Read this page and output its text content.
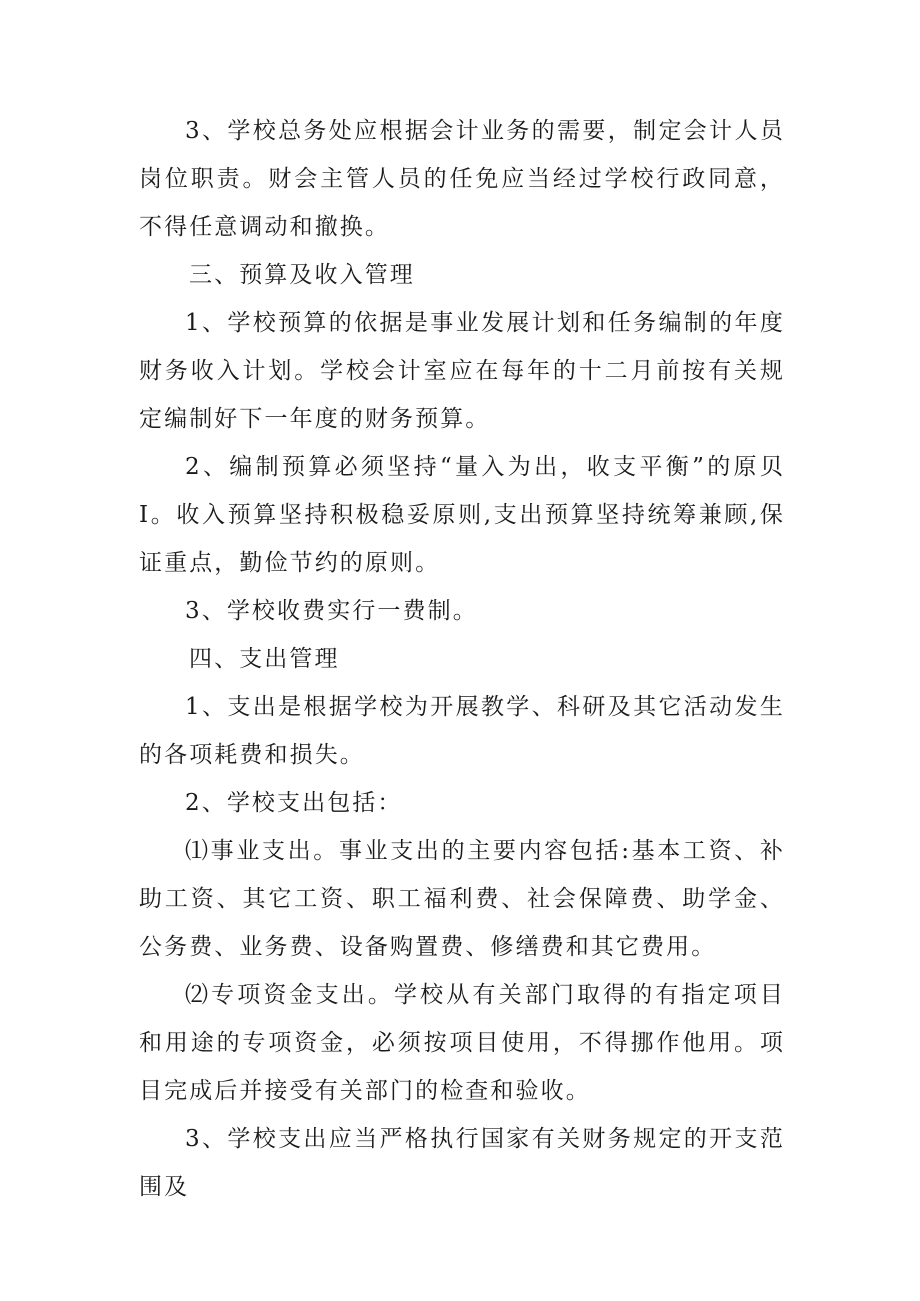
3、学校总务处应根据会计业务的需要，制定会计人员岗位职责。财会主管人员的任免应当经过学校行政同意，不得任意调动和撤换。

三、预算及收入管理

1、学校预算的依据是事业发展计划和任务编制的年度财务收入计划。学校会计室应在每年的十二月前按有关规定编制好下一年度的财务预算。

2、编制预算必须坚持“量入为出，收支平衡”的原贝I。收入预算坚持积极稳妥原则,支出预算坚持统筹兼顾,保证重点，勤俭节约的原则。

3、学校收费实行一费制。

四、支出管理

1、支出是根据学校为开展教学、科研及其它活动发生的各项耗费和损失。

2、学校支出包括：

⑴事业支出。事业支出的主要内容包括:基本工资、补助工资、其它工资、职工福利费、社会保障费、助学金、公务费、业务费、设备购置费、修缮费和其它费用。

⑵专项资金支出。学校从有关部门取得的有指定项目和用途的专项资金，必须按项目使用，不得挪作他用。项目完成后并接受有关部门的检查和验收。

3、学校支出应当严格执行国家有关财务规定的开支范围及
